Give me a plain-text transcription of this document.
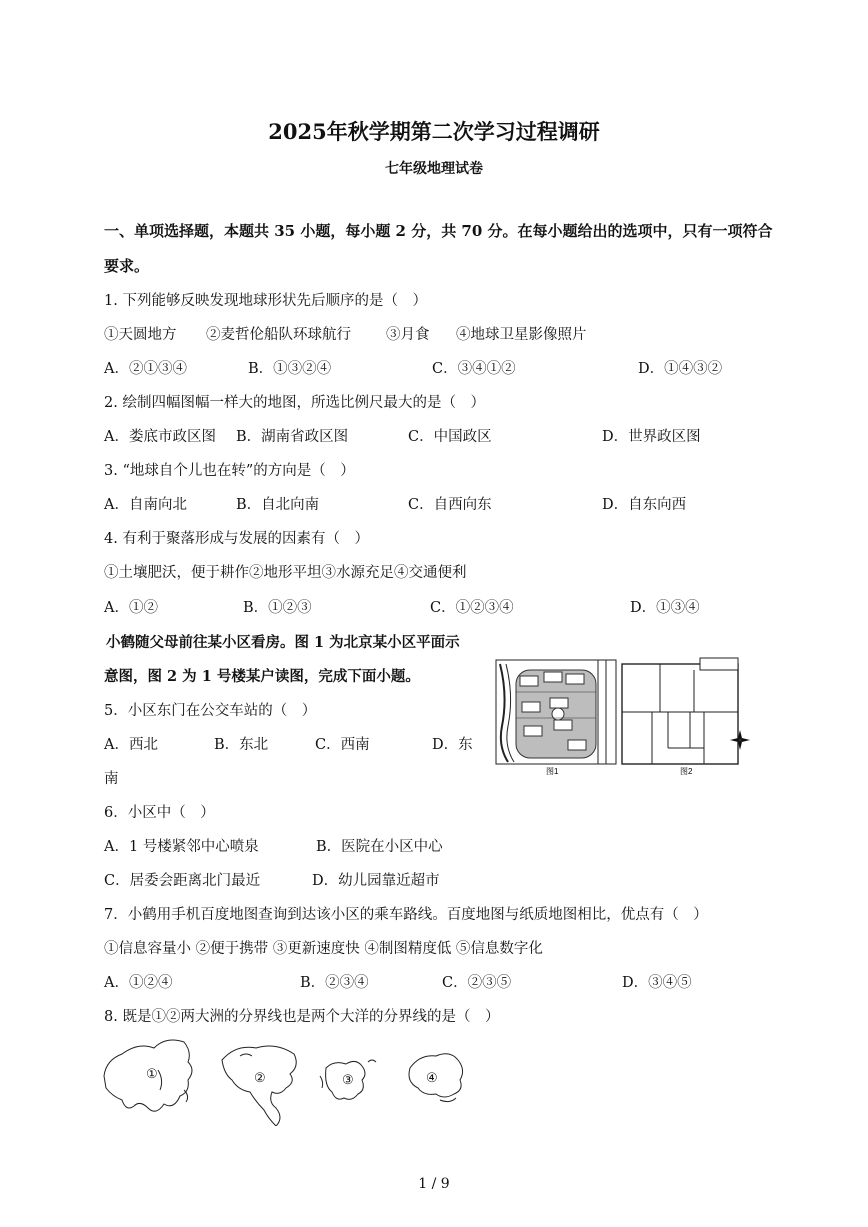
2025年秋学期第二次学习过程调研
七年级地理试卷
一、单项选择题，本题共 35 小题，每小题 2 分，共 70 分。在每小题给出的选项中，只有一项符合
要求。
1. 下列能够反映发现地球形状先后顺序的是（　）
①天圆地方 ②麦哲伦船队环球航行 ③月食 ④地球卫星影像照片
A．②①③④	B．①③②④	C．③④①②	D．①④③②
2. 绘制四幅图幅一样大的地图，所选比例尺最大的是（　）
A．娄底市政区图 B．湖南省政区图	C．中国政区	D．世界政区图
3. “地球自个儿也在转”的方向是（　）
A．自南向北	B．自北向南	C．自西向东	D．自东向西
4. 有利于聚落形成与发展的因素有（　）
①土壤肥沃，便于耕作②地形平坦③水源充足④交通便利
A．①②	B．①②③	C．①②③④	D．①③④
小鹤随父母前往某小区看房。图 1 为北京某小区平面示
意图，图 2 为 1 号楼某户读图，完成下面小题。
5．小区东门在公交车站的（　）
A．西北	B．东北	C．西南	D．东
南	图1	图2
6．小区中（　）
A．1 号楼紧邻中心喷泉	B．医院在小区中心
C．居委会距离北门最近	D．幼儿园靠近超市
7．小鹤用手机百度地图查询到达该小区的乘车路线。百度地图与纸质地图相比，优点有（　）
①信息容量小 ②便于携带 ③更新速度快 ④制图精度低 ⑤信息数字化
A．①②④	B．②③④	C．②③⑤	D．③④⑤
8. 既是①②两大洲的分界线也是两个大洋的分界线的是（　）
①	②	③	④
1 / 9
